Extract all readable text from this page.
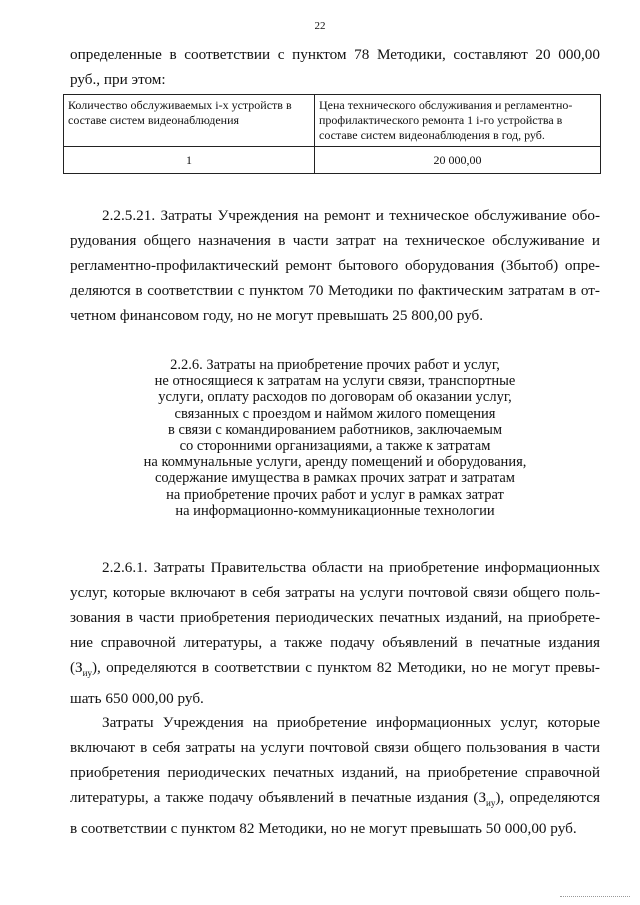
22

определенные в соответствии с пунктом 78 Методики, составляют 20 000,00
руб., при этом:

Количество обслуживаемых i-х устройств в составе систем видеонаблюдения	Цена технического обслуживания и регламентно-профилактического ремонта 1 i-го устройства в составе систем видеонаблюдения в год, руб.
1	20 000,00
2.2.5.21. Затраты Учреждения на ремонт и техническое обслуживание обо-
рудования общего назначения в части затрат на техническое обслуживание и
регламентно-профилактический ремонт бытового оборудования (Збытоб) опре-
деляются в соответствии с пунктом 70 Методики по фактическим затратам в от-
четном финансовом году, но не могут превышать 25 800,00 руб.
2.2.6. Затраты на приобретение прочих работ и услуг,
не относящиеся к затратам на услуги связи, транспортные
услуги, оплату расходов по договорам об оказании услуг,
связанных с проездом и наймом жилого помещения
в связи с командированием работников, заключаемым
со сторонними организациями, а также к затратам
на коммунальные услуги, аренду помещений и оборудования,
содержание имущества в рамках прочих затрат и затратам
на приобретение прочих работ и услуг в рамках затрат
на информационно-коммуникационные технологии
2.2.6.1. Затраты Правительства области на приобретение информационных
услуг, которые включают в себя затраты на услуги почтовой связи общего поль-
зования в части приобретения периодических печатных изданий, на приобрете-
ние справочной литературы, а также подачу объявлений в печатные издания
$(З_{иу})$, определяются в соответствии с пунктом 82 Методики, но не могут превы-
шать 650 000,00 руб.
Затраты Учреждения на приобретение информационных услуг, которые
включают в себя затраты на услуги почтовой связи общего пользования в части
приобретения периодических печатных изданий, на приобретение справочной
литературы, а также подачу объявлений в печатные издания $(З_{иу})$, определяются
в соответствии с пунктом 82 Методики, но не могут превышать 50 000,00 руб.
